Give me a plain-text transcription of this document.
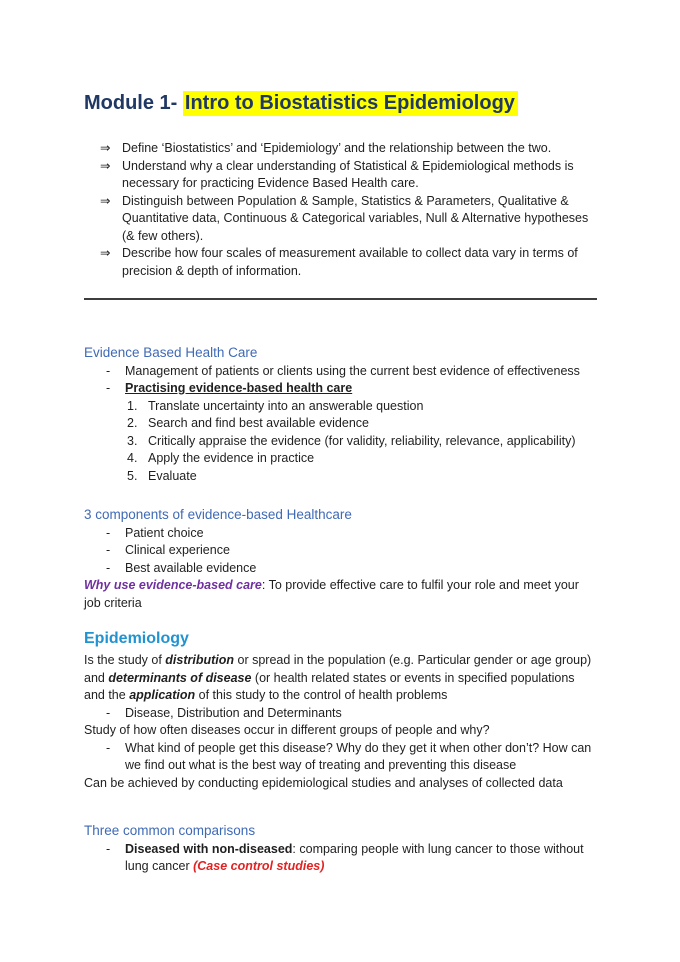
Module 1- Intro to Biostatistics Epidemiology
⇒ Define ‘Biostatistics’ and ‘Epidemiology’ and the relationship between the two.
⇒ Understand why a clear understanding of Statistical & Epidemiological methods is necessary for practicing Evidence Based Health care.
⇒ Distinguish between Population & Sample, Statistics & Parameters, Qualitative & Quantitative data, Continuous & Categorical variables, Null & Alternative hypotheses (& few others).
⇒ Describe how four scales of measurement available to collect data vary in terms of precision & depth of information.
Evidence Based Health Care
-	Management of patients or clients using the current best evidence of effectiveness
-	Practising evidence-based health care
Translate uncertainty into an answerable question
Search and find best available evidence
Critically appraise the evidence (for validity, reliability, relevance, applicability)
Apply the evidence in practice
Evaluate
3 components of evidence-based Healthcare
-	Patient choice
-	Clinical experience
-	Best available evidence

Why use evidence-based care: To provide effective care to fulfil your role and meet your job criteria

Epidemiology

Is the study of distribution or spread in the population (e.g. Particular gender or age group) and determinants of disease (or health related states or events in specified populations and the application of this study to the control of health problems

-	Disease, Distribution and Determinants

Study of how often diseases occur in different groups of people and why?

-	What kind of people get this disease? Why do they get it when other don’t? How can we find out what is the best way of treating and preventing this disease

Can be achieved by conducting epidemiological studies and analyses of collected data

Three common comparisons
-	Diseased with non-diseased: comparing people with lung cancer to those without lung cancer (Case control studies)
